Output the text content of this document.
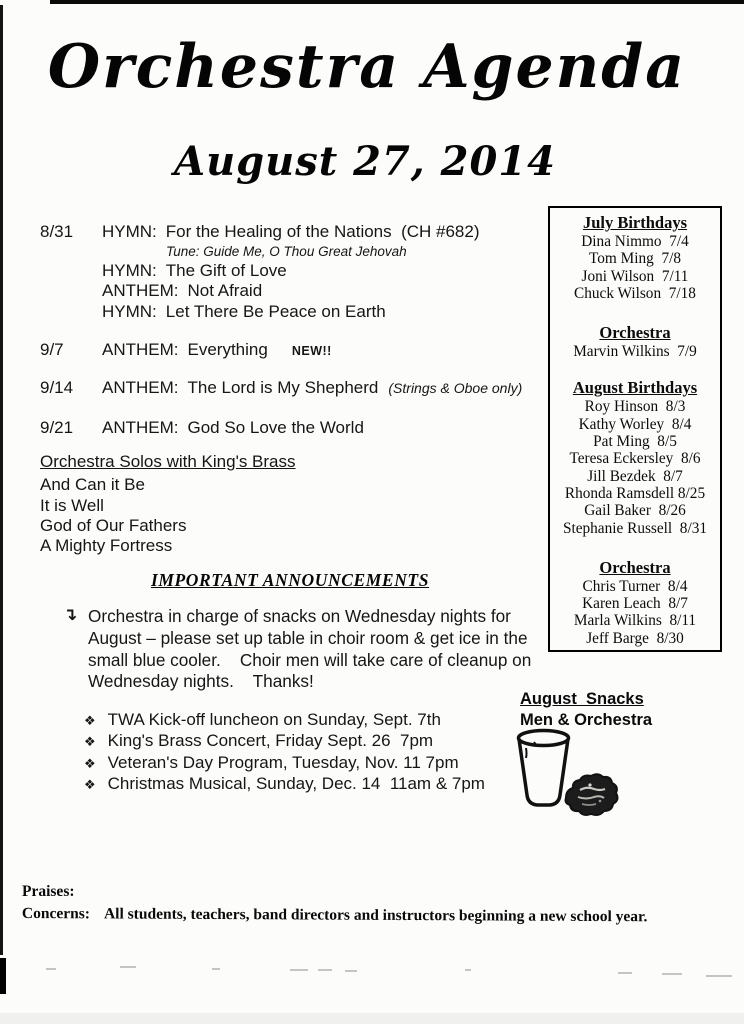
Orchestra Agenda
August 27, 2014
8/31	HYMN: For the Healing of the Nations  (CH #682)
Tune: Guide Me, O Thou Great Jehovah
HYMN: The Gift of Love
ANTHEM: Not Afraid
HYMN: Let There Be Peace on Earth
9/7	ANTHEM: Everything NEW!!
9/14	ANTHEM: The Lord is My Shepherd (Strings & Oboe only)
9/21	ANTHEM: God So Love the World
Orchestra Solos with King's Brass
And Can it Be
It is Well
God of Our Fathers
A Mighty Fortress
IMPORTANT ANNOUNCEMENTS
↴ Orchestra in charge of snacks on Wednesday nights for
August – please set up table in choir room & get ice in the
small blue cooler.    Choir men will take care of cleanup on
Wednesday nights.    Thanks!
❖ TWA Kick-off luncheon on Sunday, Sept. 7th
❖ King's Brass Concert, Friday Sept. 26  7pm
❖ Veteran's Day Program, Tuesday, Nov. 11 7pm
❖ Christmas Musical, Sunday, Dec. 14  11am & 7pm
July Birthdays
Dina Nimmo  7/4
Tom Ming  7/8
Joni Wilson  7/11
Chuck Wilson  7/18
Orchestra
Marvin Wilkins  7/9
August Birthdays
Roy Hinson  8/3
Kathy Worley  8/4
Pat Ming  8/5
Teresa Eckersley  8/6
Jill Bezdek  8/7
Rhonda Ramsdell 8/25
Gail Baker  8/26
Stephanie Russell  8/31
Orchestra
Chris Turner  8/4
Karen Leach  8/7
Marla Wilkins  8/11
Jeff Barge  8/30
August  Snacks
Men & Orchestra
Praises:
Concerns: All students, teachers, band directors and instructors beginning a new school year.
